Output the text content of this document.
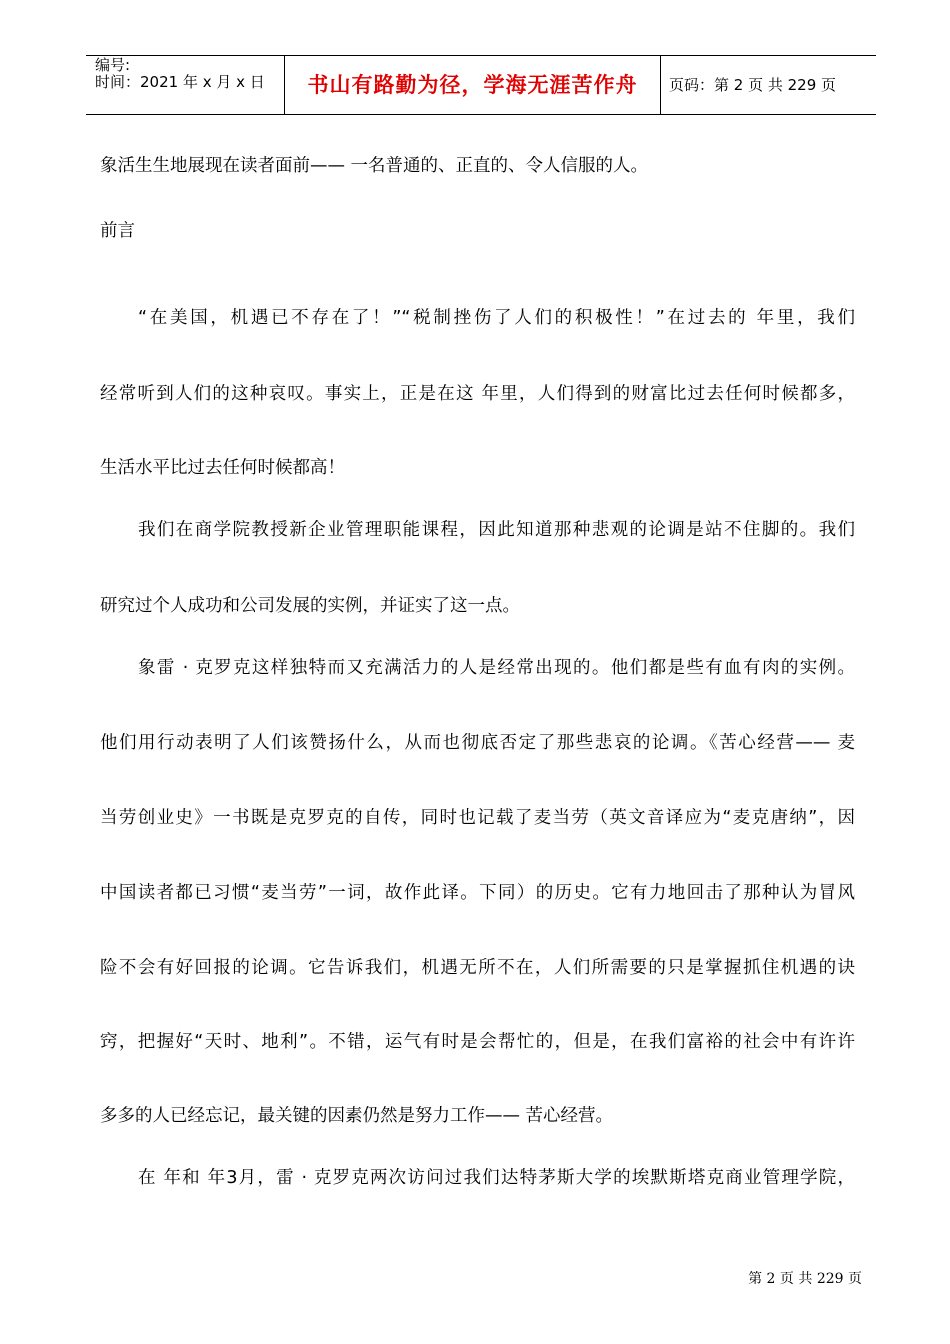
编号:
时间：2021 年 x 月 x 日	书山有路勤为径，学海无涯苦作舟	页码：第 2 页 共 229 页
象活生生地展现在读者面前—— 一名普通的、正直的、令人信服的人。
前言
“在美国，机遇已不存在了！”“税制挫伤了人们的积极性！”在过去的 年里，我们
经常听到人们的这种哀叹。事实上，正是在这 年里，人们得到的财富比过去任何时候都多，
生活水平比过去任何时候都高！
我们在商学院教授新企业管理职能课程，因此知道那种悲观的论调是站不住脚的。我们
研究过个人成功和公司发展的实例，并证实了这一点。
象雷 · 克罗克这样独特而又充满活力的人是经常出现的。他们都是些有血有肉的实例。
他们用行动表明了人们该赞扬什么，从而也彻底否定了那些悲哀的论调。《苦心经营—— 麦
当劳创业史》一书既是克罗克的自传，同时也记载了麦当劳（英文音译应为“麦克唐纳”，因
中国读者都已习惯“麦当劳”一词，故作此译。下同）的历史。它有力地回击了那种认为冒风
险不会有好回报的论调。它告诉我们，机遇无所不在，人们所需要的只是掌握抓住机遇的诀
窍，把握好“天时、地利”。不错，运气有时是会帮忙的，但是，在我们富裕的社会中有许许
多多的人已经忘记，最关键的因素仍然是努力工作—— 苦心经营。
在 年和 年3月，雷 · 克罗克两次访问过我们达特茅斯大学的埃默斯塔克商业管理学院，
第 2 页 共 229 页
